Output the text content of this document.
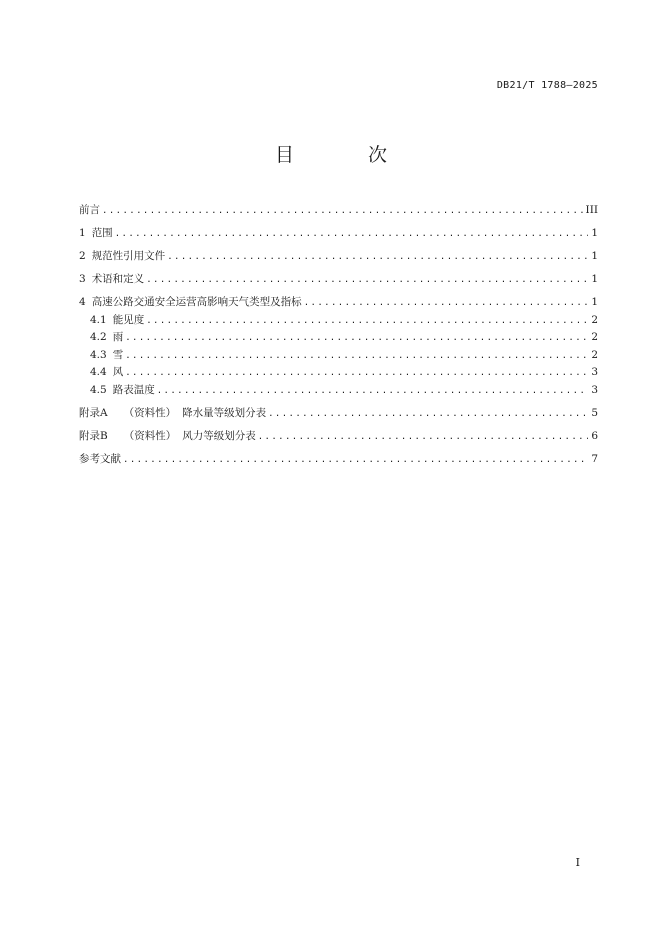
DB21/T 1788—2025
目 次
前言 .....	III
1 范围 .....	1
2 规范性引用文件 .....	1
3 术语和定义 .....	1
4 高速公路交通安全运营高影响天气类型及指标 .....	1
4.1 能见度 .....	2
4.2 雨 .....	2
4.3 雪 .....	2
4.4 风 .....	3
4.5 路表温度 .....	3
附录A （资料性） 降水量等级划分表 .....	5
附录B （资料性） 风力等级划分表 .....	6
参考文献 .....	7
I
